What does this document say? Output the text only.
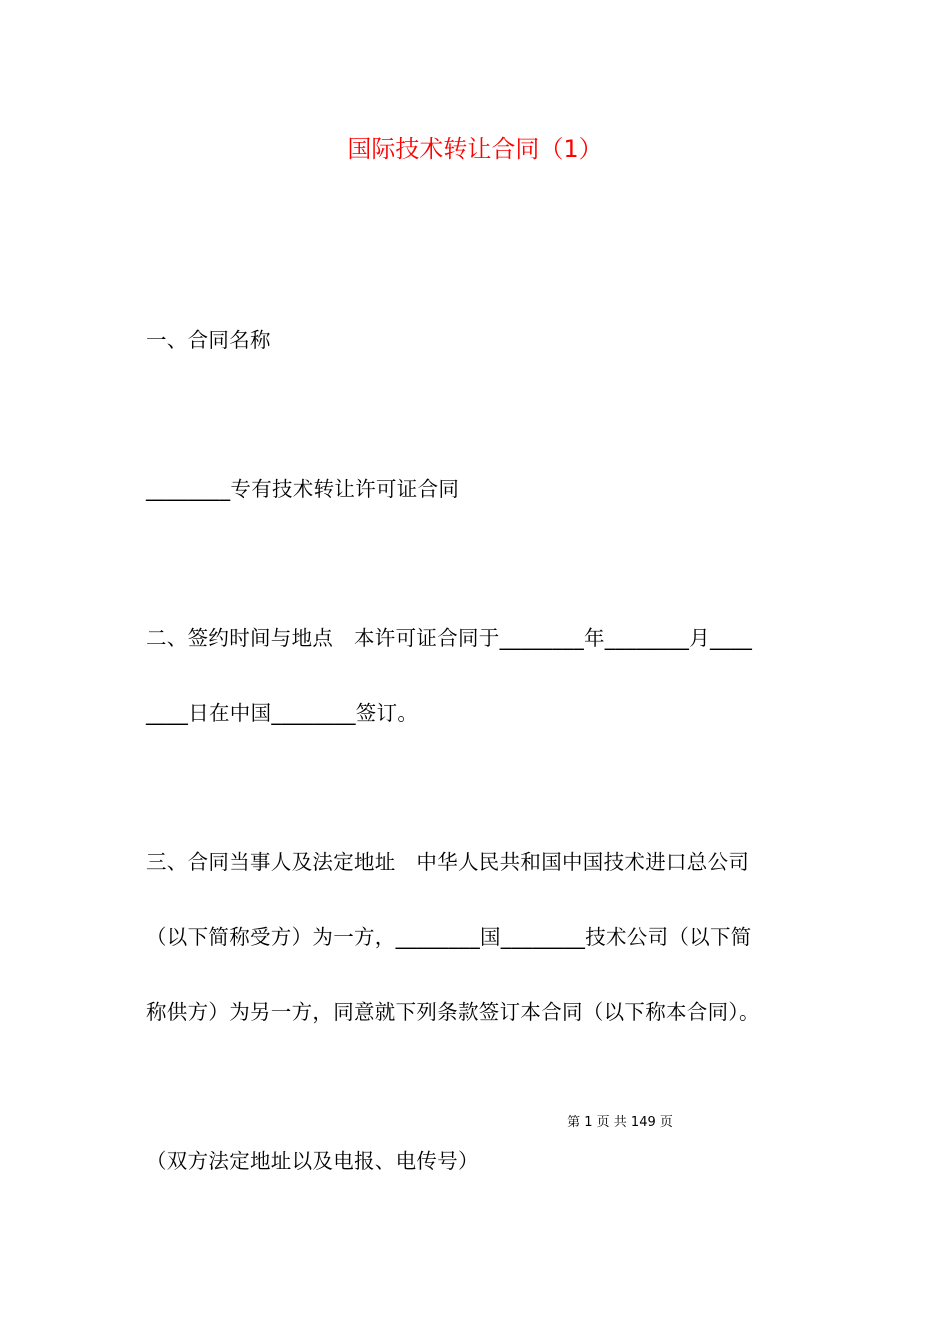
国际技术转让合同（1）
一、合同名称
________专有技术转让许可证合同
二、签约时间与地点　本许可证合同于________年________月____
____日在中国________签订。
三、合同当事人及法定地址　中华人民共和国中国技术进口总公司
（以下简称受方）为一方，________国________技术公司（以下简
称供方）为另一方，同意就下列条款签订本合同（以下称本合同）。
第 1 页 共 149 页
（双方法定地址以及电报、电传号）
